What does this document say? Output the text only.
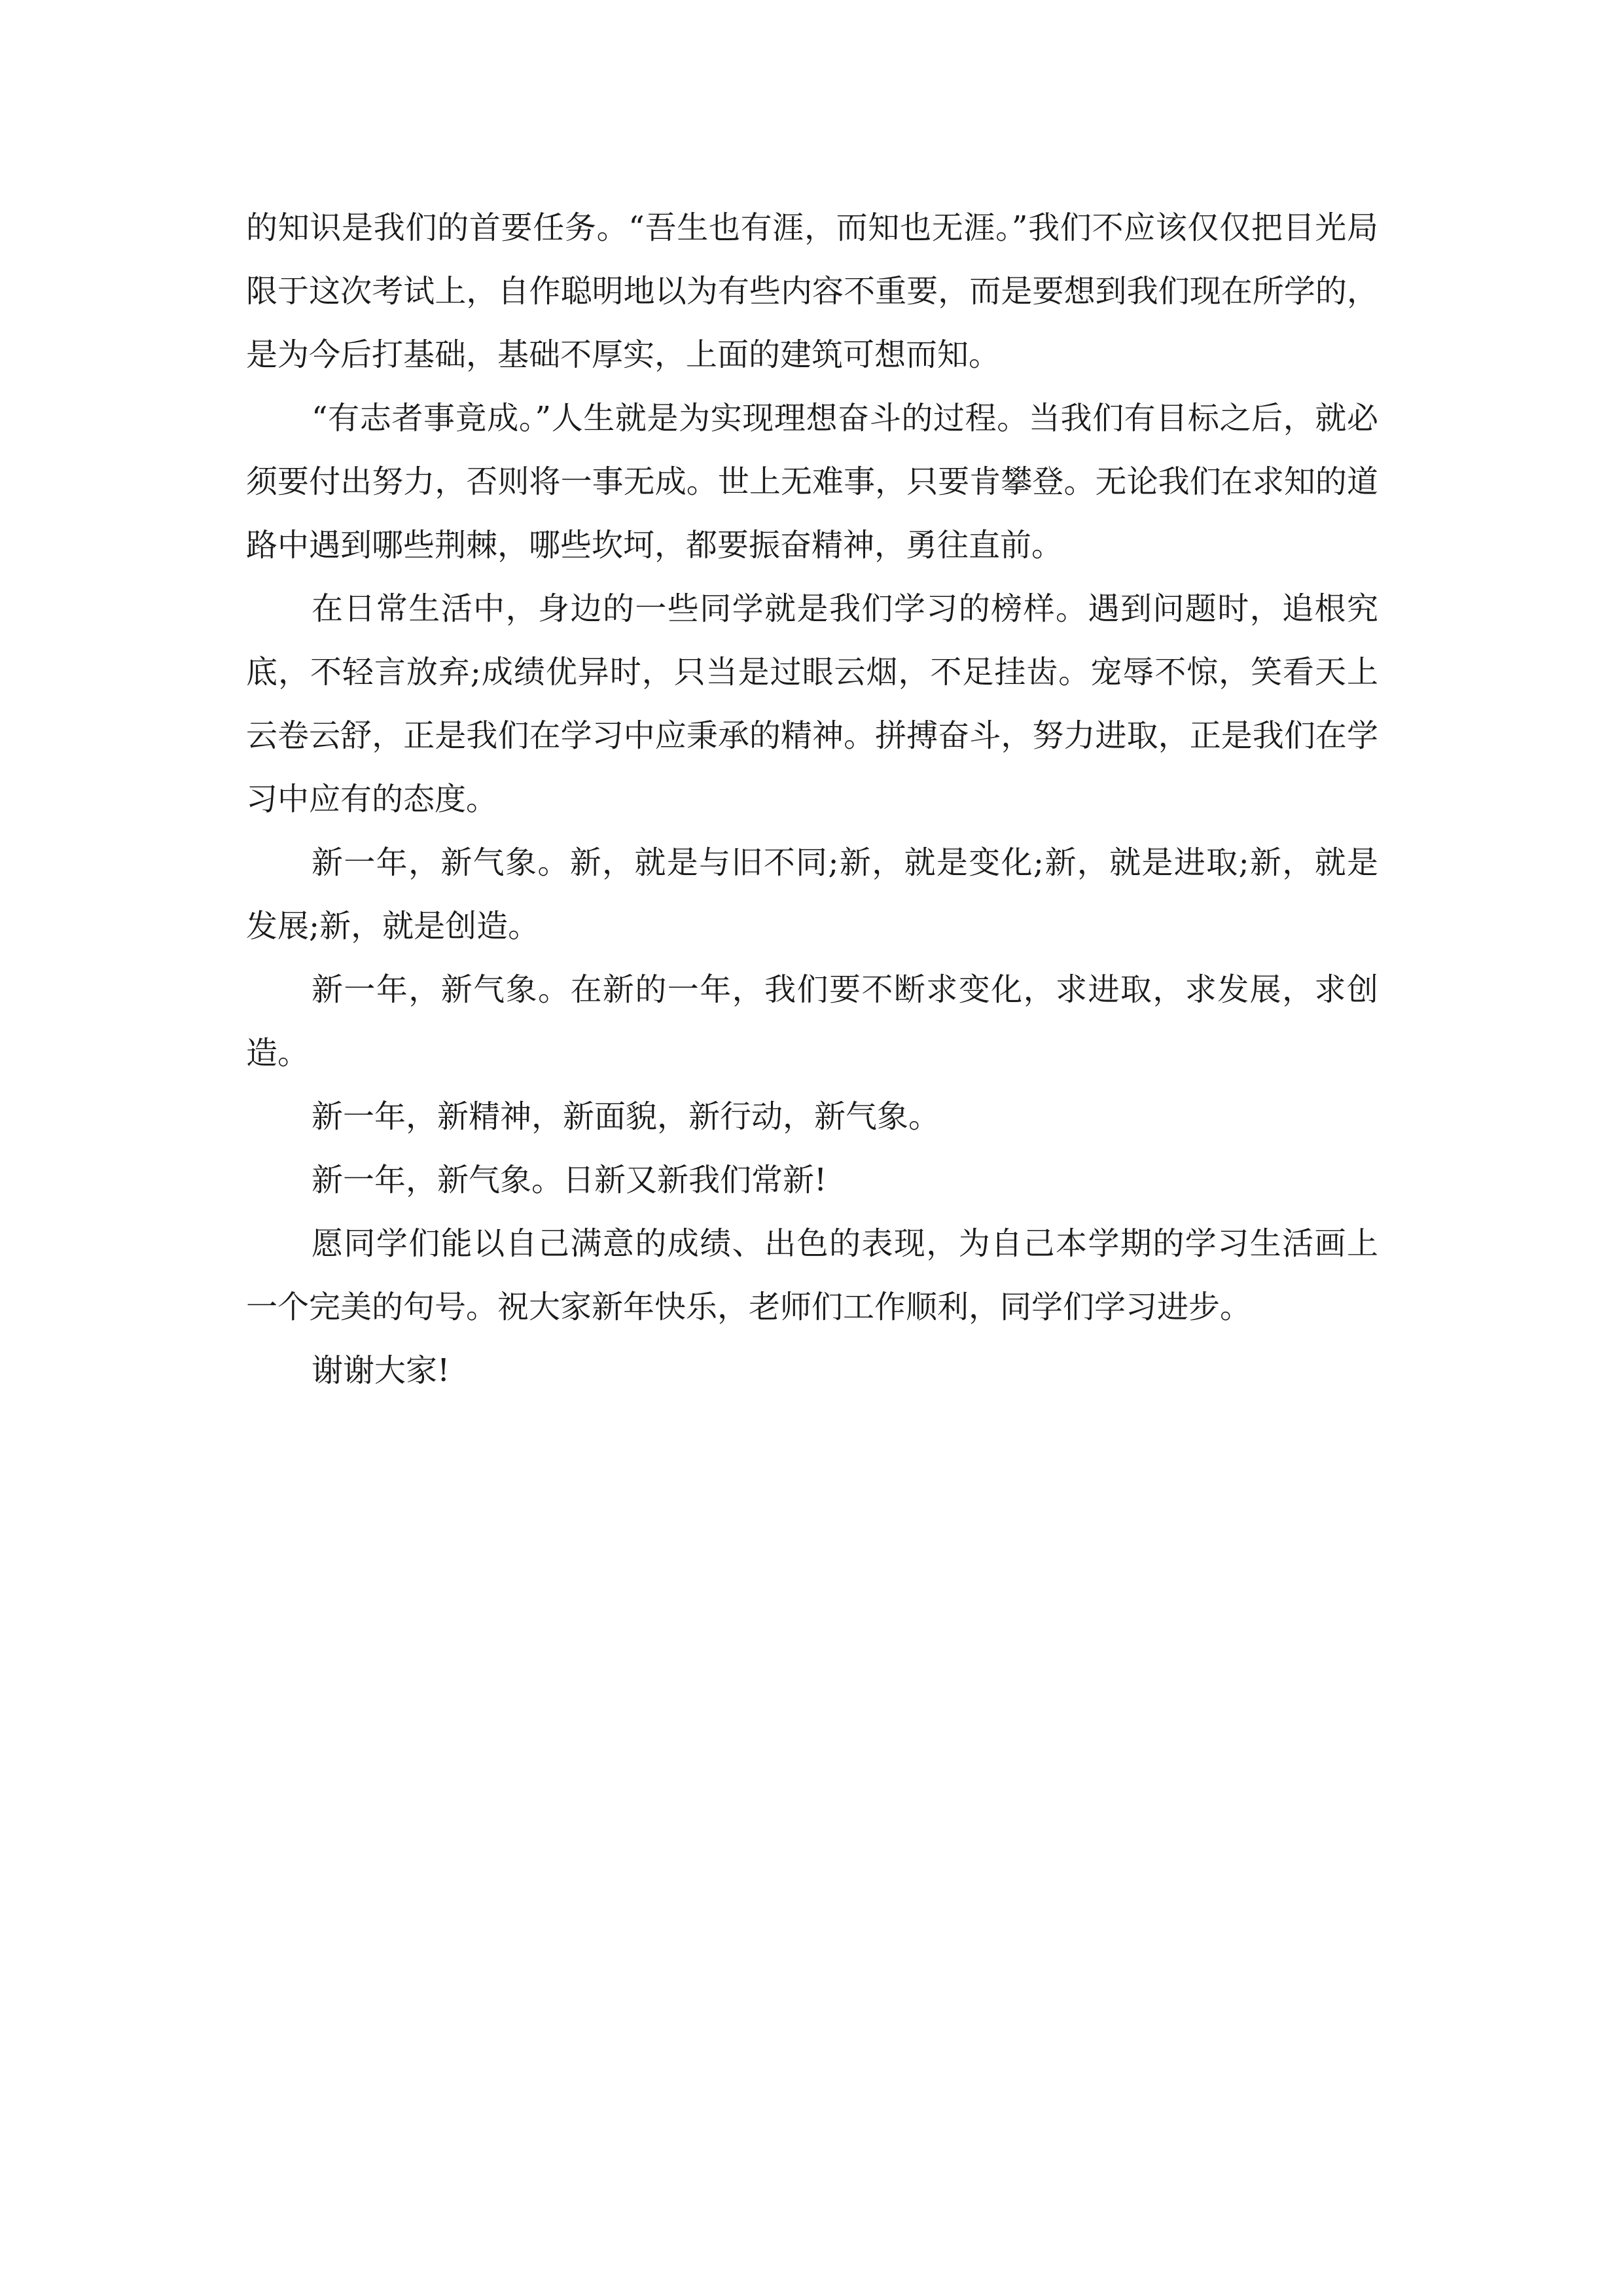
的知识是我们的首要任务。“吾生也有涯，而知也无涯。”我们不应该仅仅把目光局限于这次考试上，自作聪明地以为有些内容不重要，而是要想到我们现在所学的，是为今后打基础，基础不厚实，上面的建筑可想而知。

“有志者事竟成。”人生就是为实现理想奋斗的过程。当我们有目标之后，就必须要付出努力，否则将一事无成。世上无难事，只要肯攀登。无论我们在求知的道路中遇到哪些荆棘，哪些坎坷，都要振奋精神，勇往直前。

在日常生活中，身边的一些同学就是我们学习的榜样。遇到问题时，追根究底，不轻言放弃;成绩优异时，只当是过眼云烟，不足挂齿。宠辱不惊，笑看天上云卷云舒，正是我们在学习中应秉承的精神。拼搏奋斗，努力进取，正是我们在学习中应有的态度。

新一年，新气象。新，就是与旧不同;新，就是变化;新，就是进取;新，就是发展;新，就是创造。

新一年，新气象。在新的一年，我们要不断求变化，求进取，求发展，求创造。

新一年，新精神，新面貌，新行动，新气象。

新一年，新气象。日新又新我们常新!

愿同学们能以自己满意的成绩、出色的表现，为自己本学期的学习生活画上一个完美的句号。祝大家新年快乐，老师们工作顺利，同学们学习进步。

谢谢大家!
